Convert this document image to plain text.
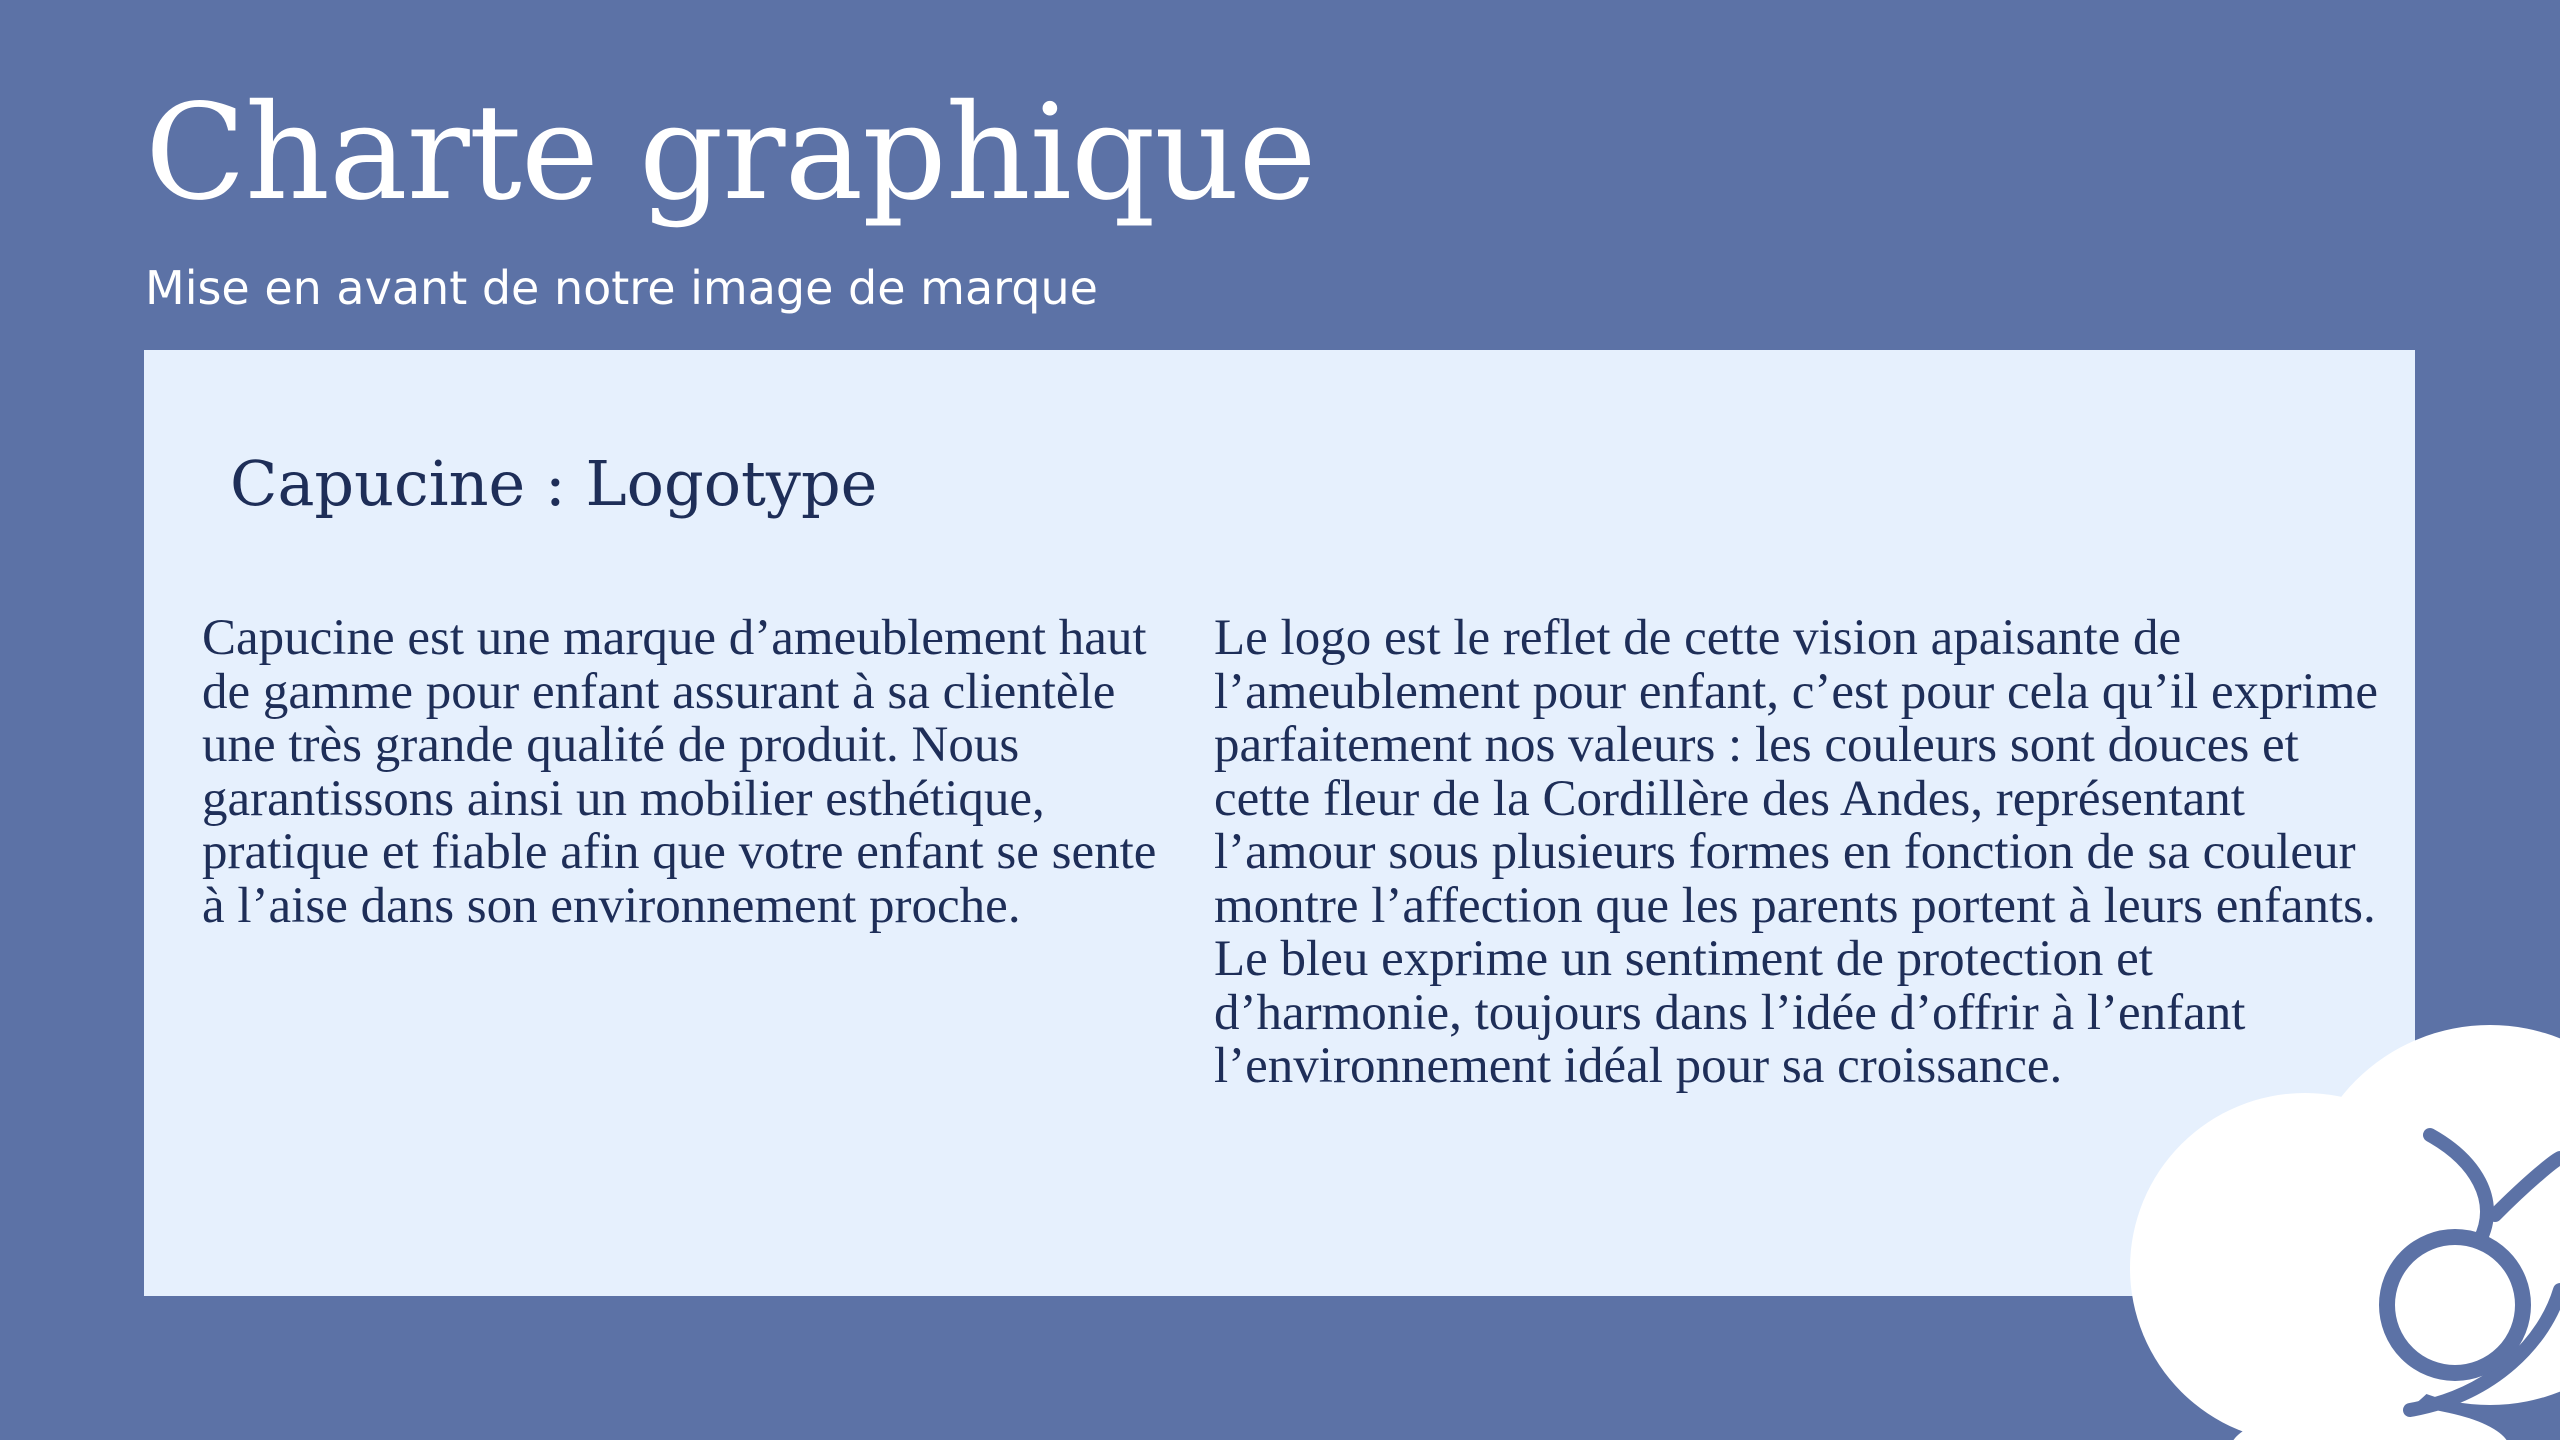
Charte graphique

Mise en avant de notre image de marque

Capucine : Logotype

Capucine est une marque d’ameublement haut de gamme pour enfant assurant à sa clientèle une très grande qualité de produit. Nous garantissons ainsi un mobilier esthétique, pratique et fiable afin que votre enfant se sente à l’aise dans son environnement proche.

Le logo est le reflet de cette vision apaisante de l’ameublement pour enfant, c’est pour cela qu’il exprime parfaitement nos valeurs : les couleurs sont douces et cette fleur de la Cordillère des Andes, représentant l’amour sous plusieurs formes en fonction de sa couleur montre l’affection que les parents portent à leurs enfants. Le bleu exprime un sentiment de protection et d’harmonie, toujours dans l’idée d’offrir à l’enfant l’environnement idéal pour sa croissance.
